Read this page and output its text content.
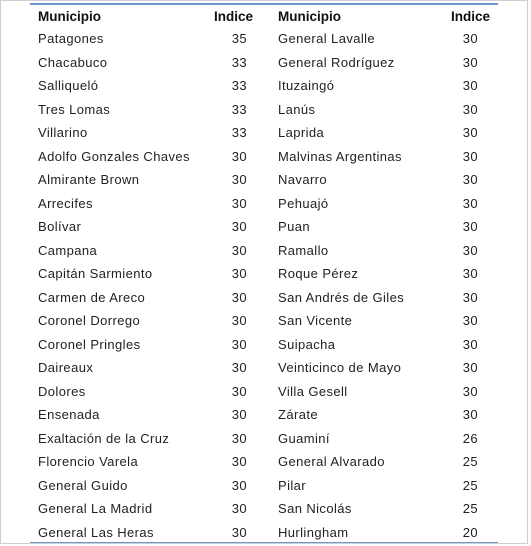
Municipio	Indice	Municipio	Indice
Patagones	35	General Lavalle	30
Chacabuco	33	General Rodríguez	30
Salliqueló	33	Ituzaingó	30
Tres Lomas	33	Lanús	30
Villarino	33	Laprida	30
Adolfo Gonzales Chaves	30	Malvinas Argentinas	30
Almirante Brown	30	Navarro	30
Arrecifes	30	Pehuajó	30
Bolívar	30	Puan	30
Campana	30	Ramallo	30
Capitán Sarmiento	30	Roque Pérez	30
Carmen de Areco	30	San Andrés de Giles	30
Coronel Dorrego	30	San Vicente	30
Coronel Pringles	30	Suipacha	30
Daireaux	30	Veinticinco de Mayo	30
Dolores	30	Villa Gesell	30
Ensenada	30	Zárate	30
Exaltación de la Cruz	30	Guaminí	26
Florencio Varela	30	General Alvarado	25
General Guido	30	Pilar	25
General La Madrid	30	San Nicolás	25
General Las Heras	30	Hurlingham	20
